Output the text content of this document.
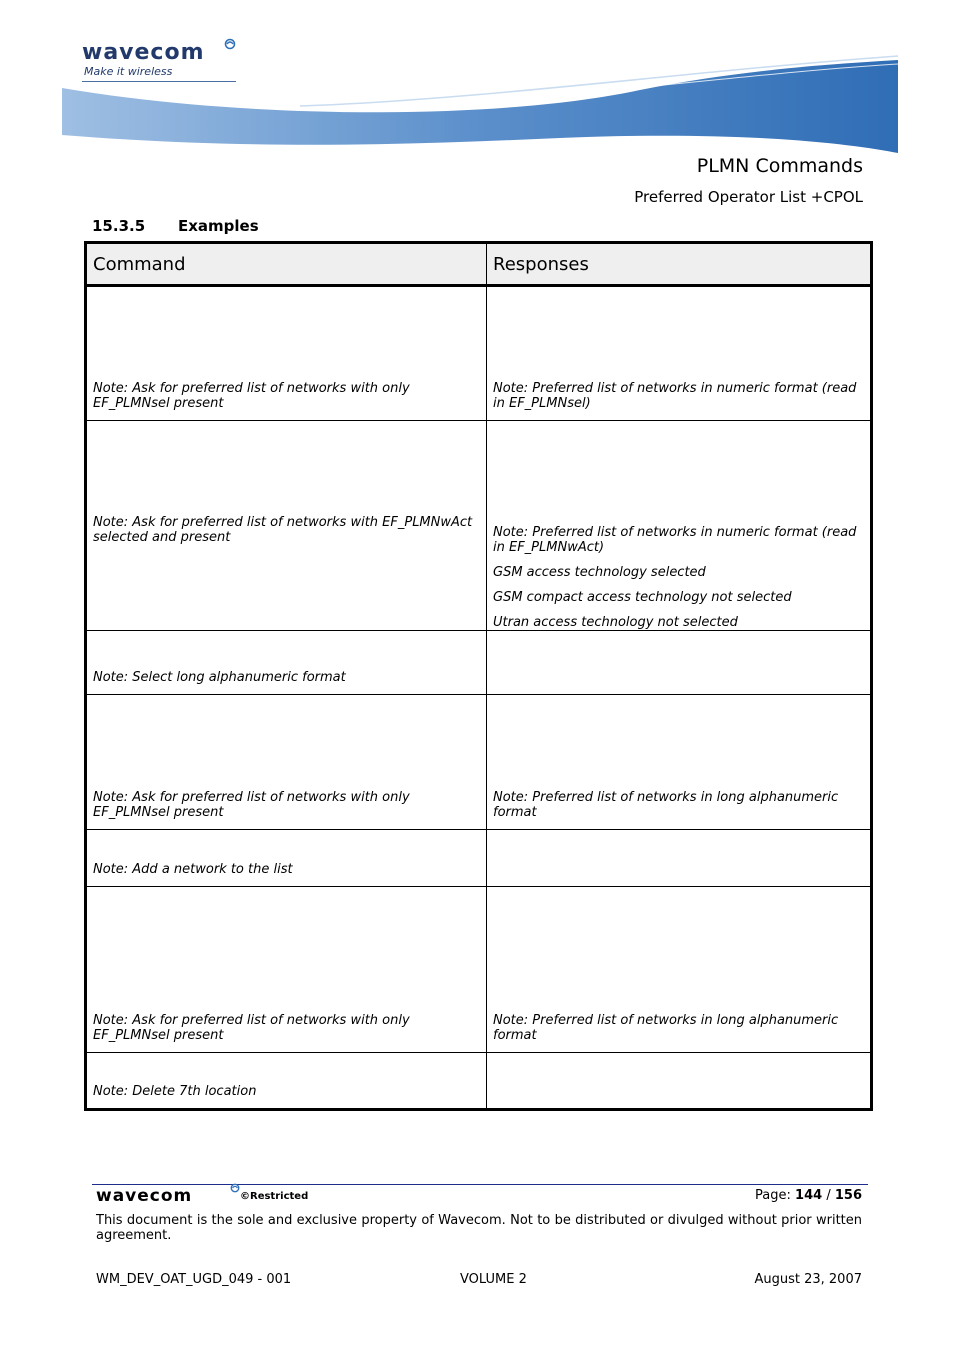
wavecom
Make it wireless
PLMN Commands
Preferred Operator List +CPOL
15.3.5 Examples
Command	Responses

Note: Ask for preferred list of networks with only EF_PLMNsel present	Note: Preferred list of networks in numeric format (read in EF_PLMNsel)

Note: Ask for preferred list of networks with EF_PLMNwAct selected and present	Note: Preferred list of networks in numeric format (read in EF_PLMNwAct)
GSM access technology selected
GSM compact access technology not selected
Utran access technology not selected

Note: Select long alphanumeric format	

Note: Ask for preferred list of networks with only EF_PLMNsel present	Note: Preferred list of networks in long alphanumeric format

Note: Add a network to the list	

Note: Ask for preferred list of networks with only EF_PLMNsel present	Note: Preferred list of networks in long alphanumeric format

Note: Delete 7th location	

wavecom	©Restricted	Page: 144 / 156
This document is the sole and exclusive property of Wavecom. Not to be distributed or divulged without prior written agreement.
WM_DEV_OAT_UGD_049 - 001	VOLUME 2	August 23, 2007
